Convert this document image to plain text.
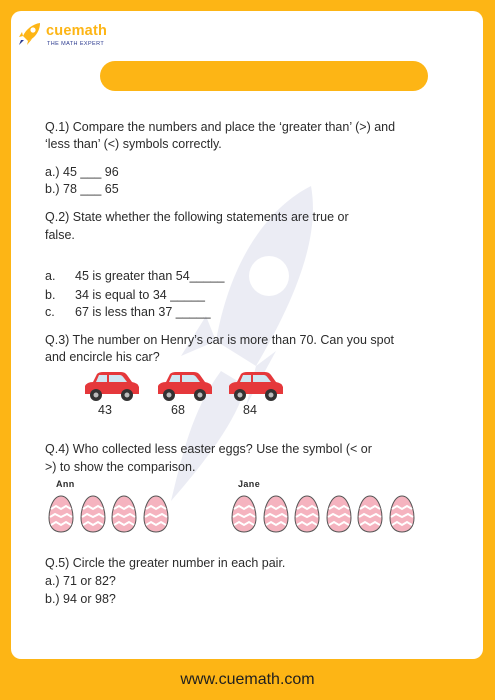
cuemath
THE MATH EXPERT
Q.1) Compare the numbers and place the ‘greater than’ (>) and
‘less than’ (<) symbols correctly.
a.) 45 ___ 96
b.) 78 ___ 65
Q.2) State whether the following statements are true or
false.
a. 45 is greater than 54_____
b. 34 is equal to 34 _____
c. 67 is less than 37 _____
Q.3) The number on Henry’s car is more than 70. Can you spot
and encircle his car?
43	68	84
Q.4) Who collected less easter eggs? Use the symbol (< or
>) to show the comparison.
Ann	Jane
Q.5) Circle the greater number in each pair.
a.) 71 or 82?
b.) 94 or 98?
www.cuemath.com
